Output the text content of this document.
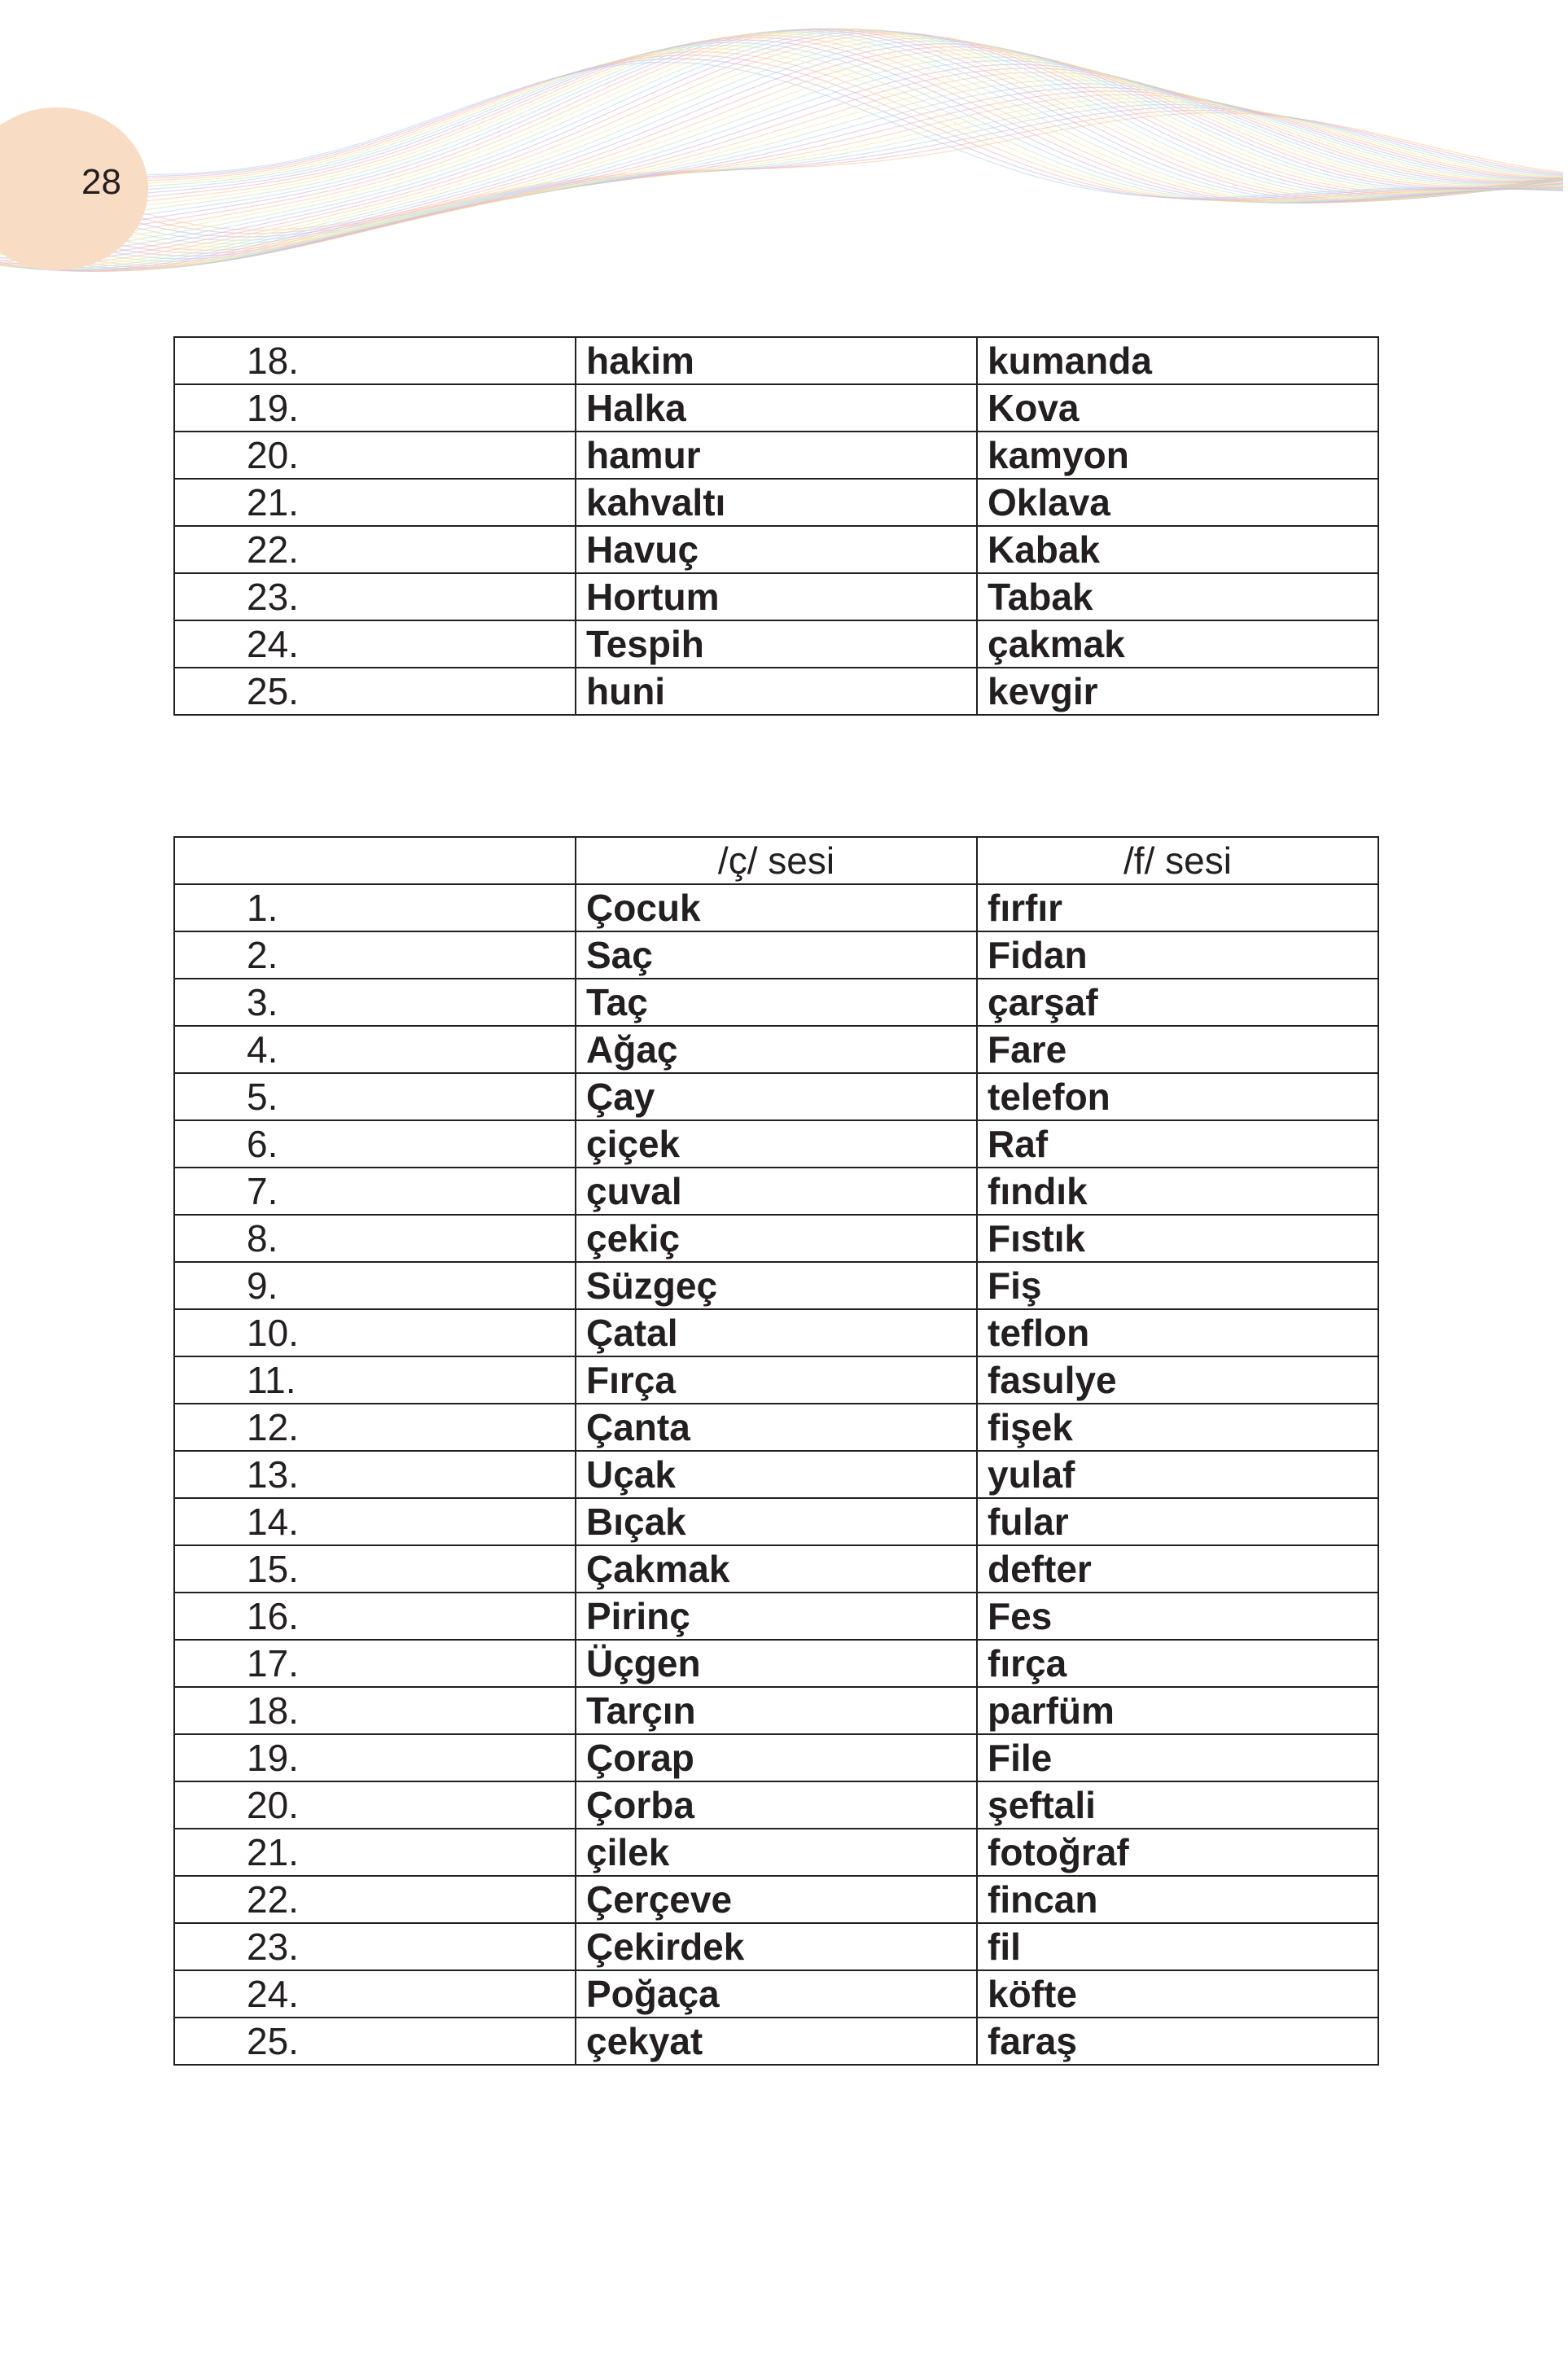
28
18.	hakim	kumanda
19.	Halka	Kova
20.	hamur	kamyon
21.	kahvaltı	Oklava
22.	Havuç	Kabak
23.	Hortum	Tabak
24.	Tespih	çakmak
25.	huni	kevgir
	/ç/ sesi	/f/ sesi
1.	Çocuk	fırfır
2.	Saç	Fidan
3.	Taç	çarşaf
4.	Ağaç	Fare
5.	Çay	telefon
6.	çiçek	Raf
7.	çuval	fındık
8.	çekiç	Fıstık
9.	Süzgeç	Fiş
10.	Çatal	teflon
11.	Fırça	fasulye
12.	Çanta	fişek
13.	Uçak	yulaf
14.	Bıçak	fular
15.	Çakmak	defter
16.	Pirinç	Fes
17.	Üçgen	fırça
18.	Tarçın	parfüm
19.	Çorap	File
20.	Çorba	şeftali
21.	çilek	fotoğraf
22.	Çerçeve	fincan
23.	Çekirdek	fil
24.	Poğaça	köfte
25.	çekyat	faraş
